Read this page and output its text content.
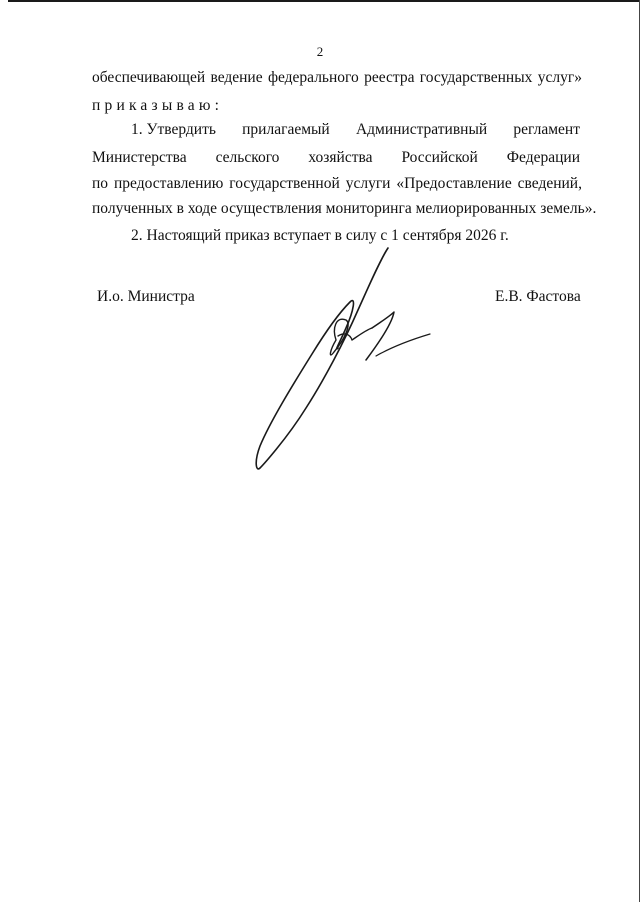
2
обеспечивающей ведение федерального реестра государственных услуг»
приказываю:
1. Утвердить прилагаемый Административный регламент
Министерства сельского хозяйства Российской Федерации
по предоставлению государственной услуги «Предоставление сведений,
полученных в ходе осуществления мониторинга мелиорированных земель».
2. Настоящий приказ вступает в силу с 1 сентября 2026 г.
И.о. Министра	Е.В. Фастова
